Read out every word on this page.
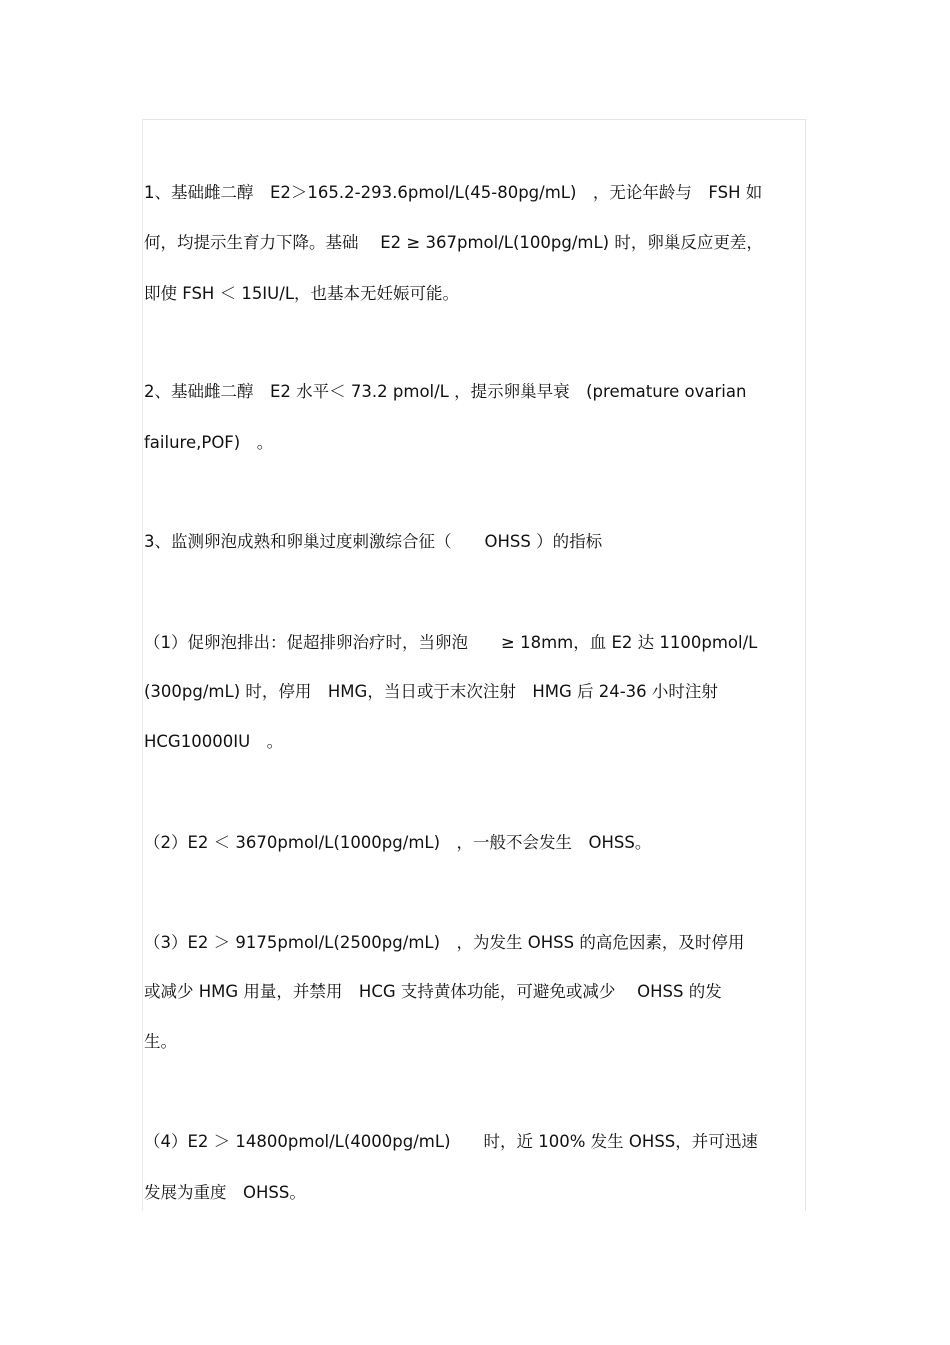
1、基础雌二醇　E2＞165.2-293.6pmol/L(45-80pg/mL)　，无论年龄与　FSH 如
何，均提示生育力下降。基础　 E2 ≥ 367pmol/L(100pg/mL) 时，卵巢反应更差，
即使 FSH ＜ 15IU/L，也基本无妊娠可能。
2、基础雌二醇　E2 水平＜ 73.2 pmol/L ，提示卵巢早衰　(premature ovarian
failure,POF)　。
3、监测卵泡成熟和卵巢过度刺激综合征（　　OHSS ）的指标
（1）促卵泡排出：促超排卵治疗时，当卵泡　　≥ 18mm，血 E2 达 1100pmol/L
(300pg/mL) 时，停用　HMG，当日或于末次注射　HMG 后 24-36 小时注射
HCG10000IU　。
（2）E2 ＜ 3670pmol/L(1000pg/mL)　，一般不会发生　OHSS。
（3）E2 ＞ 9175pmol/L(2500pg/mL)　，为发生 OHSS 的高危因素，及时停用
或减少 HMG 用量，并禁用　HCG 支持黄体功能，可避免或减少　 OHSS 的发
生。
（4）E2 ＞ 14800pmol/L(4000pg/mL)　　时，近 100% 发生 OHSS，并可迅速
发展为重度　OHSS。
